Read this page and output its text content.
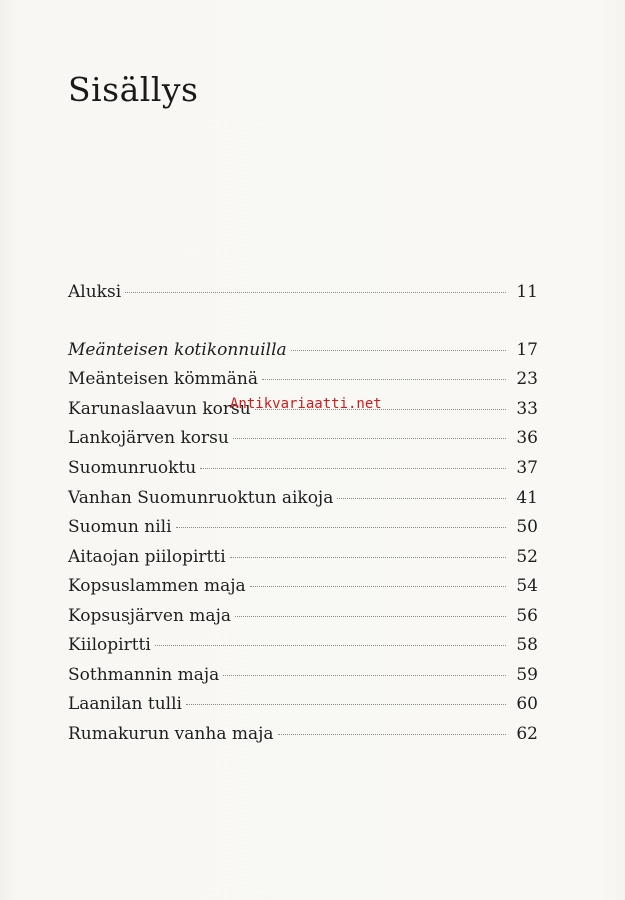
Sisällys
Aluksi	11
Meänteisen kotikonnuilla	17
Meänteisen kömmänä	23
Karunaslaavun korsu	33
Lankojärven korsu	36
Suomunruoktu	37
Vanhan Suomunruoktun aikoja	41
Suomun nili	50
Aitaojan piilopirtti	52
Kopsuslammen maja	54
Kopsusjärven maja	56
Kiilopirtti	58
Sothmannin maja	59
Laanilan tulli	60
Rumakurun vanha maja	62
Antikvariaatti.net
